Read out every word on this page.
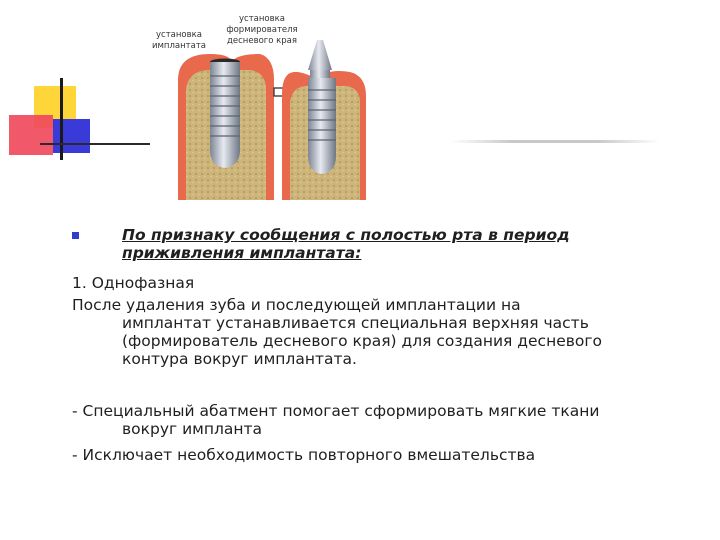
установка имплантата
установка формирователя десневого края
По признаку сообщения с полостью рта в период приживления имплантата:
1. Однофазная
После удаления зуба и последующей имплантации на
имплантат устанавливается специальная верхняя часть (формирователь десневого края) для создания десневого контура вокруг имплантата.
- Специальный абатмент помогает сформировать мягкие ткани
вокруг импланта
- Исключает необходимость повторного вмешательства
